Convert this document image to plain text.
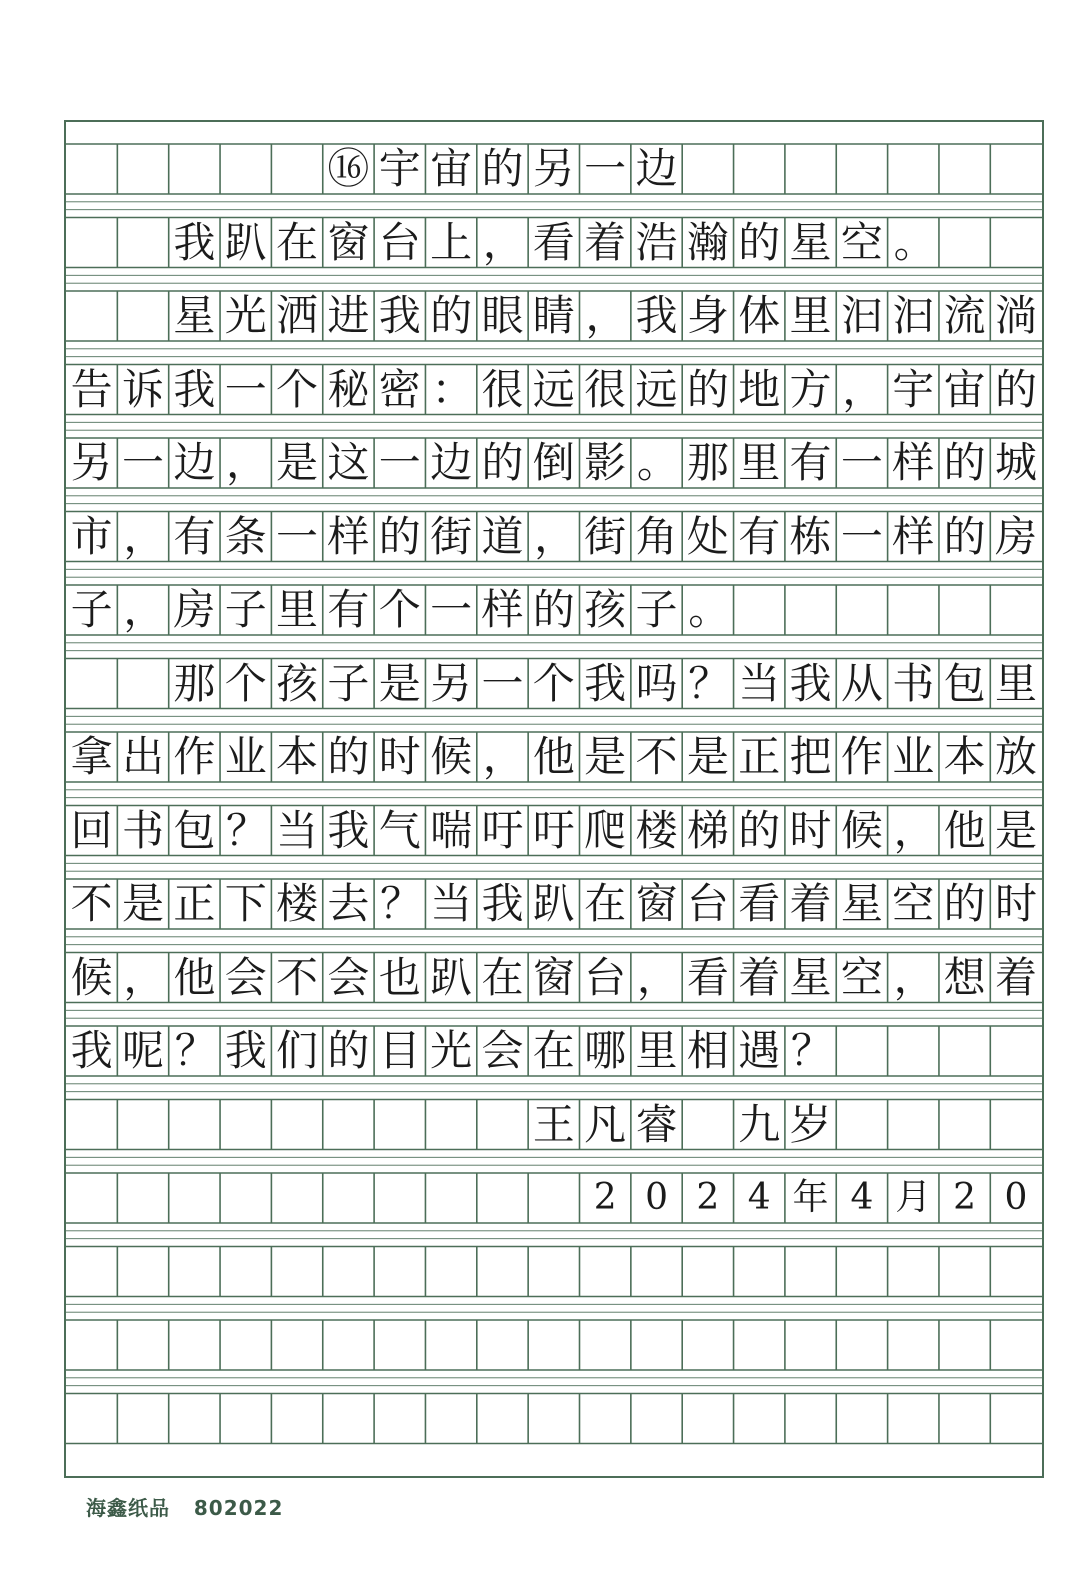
⑯ 宇 宙 的 另 一 边
我 趴 在 窗 台 上 ， 看 着 浩 瀚 的 星 空 。
星 光 洒 进 我 的 眼 睛 ， 我 身 体 里 汩 汩 流 淌
告 诉 我 一 个 秘 密 ： 很 远 很 远 的 地 方 ， 宇 宙 的
另 一 边 ， 是 这 一 边 的 倒 影 。 那 里 有 一 样 的 城
市 ， 有 条 一 样 的 街 道 ， 街 角 处 有 栋 一 样 的 房
子 ， 房 子 里 有 个 一 样 的 孩 子 。
那 个 孩 子 是 另 一 个 我 吗 ？ 当 我 从 书 包 里
拿 出 作 业 本 的 时 候 ， 他 是 不 是 正 把 作 业 本 放
回 书 包 ？ 当 我 气 喘 吁 吁 爬 楼 梯 的 时 候 ， 他 是
不 是 正 下 楼 去 ？ 当 我 趴 在 窗 台 看 着 星 空 的 时
候 ， 他 会 不 会 也 趴 在 窗 台 ， 看 着 星 空 ， 想 着
我 呢 ？ 我 们 的 目 光 会 在 哪 里 相 遇 ？
王 凡 睿 九 岁
2 0 2 4 年 4 月 2 0
海鑫纸品 802022
